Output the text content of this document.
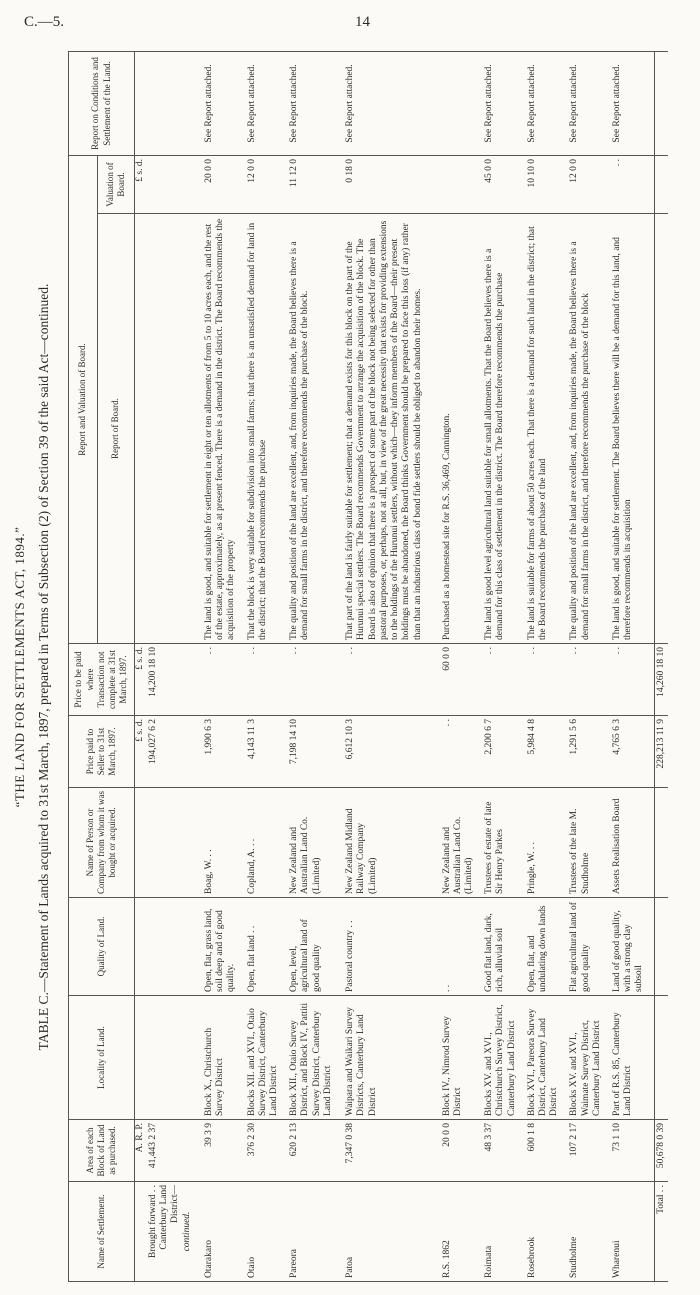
C.—5.	14
“THE LAND FOR SETTLEMENTS ACT, 1894.” TABLE C.—Statement of Lands acquired to 31st March, 1897, prepared in Terms of Subsection (2) of Section 39 of the said Act—continued.
Name of Settlement.	Area of each Block of Land as purchased.	Locality of Land.	Quality of Land.	Name of Person or Company from whom it was bought or acquired.	Price paid to Seller to 31st March, 1897.	Price to be paid where Transaction not complete at 31st March, 1897.	Report and Valuation of Board.		Report on Conditions and Settlement of the Land.
							Report of Board.	Valuation of Board.	
	A. R. P.				£ s. d.	£ s. d.		£ s. d.	

Brought forward . . Canterbury Land District—
continued.	41,443 2 37				194,027 6 2	14,200 18 10			
Otarakaro	39 3 9	Block X., Christchurch Survey District	Open, flat, grass land, soil deep and of good quality.	Boag, W. . .	1,990 6 3	. .	The land is good, and suitable for settlement in eight or ten allotments of from 5 to 10 acres each, and the rest of the estate, approximately, as at present fenced. There is a demand in the district. The Board recommends the acquisition of the property	20 0 0	See Report attached.
Otaio	376 2 30	Blocks XII. and XVI., Otaio Survey District, Canterbury Land District	Open, flat land . .	Copland, A. . .	4,143 11 3	. .	That the block is very suitable for subdivision into small farms; that there is an unsatisfied demand for land in the district; that the Board recommends the purchase	12 0 0	See Report attached.
Pareora	620 2 13	Block XII., Otaio Survey District, and Block IV., Pattiti Survey District, Canterbury Land District	Open, level, agricultural land of good quality	New Zealand and Australian Land Co. (Limited)	7,198 14 10	. .	The quality and position of the land are excellent, and, from inquiries made, the Board believes there is a demand for small farms in the district, and therefore recommends the purchase of the block.	11 12 0	See Report attached.
Patoa	7,347 0 38	Waipara and Waikari Survey Districts, Canterbury Land District	Pastoral country . .	New Zealand Midland Railway Company (Limited)	6,612 10 3	. .	That part of the land is fairly suitable for settlement; that a demand exists for this block on the part of the Hurunui special settlers. The Board recommends Government to arrange the acquisition of the block. The Board is also of opinion that there is a prospect of some part of the block not being selected for other than pastoral purposes, or, perhaps, not at all, but, in view of the great necessity that exists for providing extensions to the holdings of the Hurunui settlers, without which—they inform members of the Board—their present holdings must be abandoned, the Board thinks Government should be prepared to face this loss (if any) rather than that an industrious class of bond fide settlers should be obliged to abandon their homes.	0 18 0	See Report attached.
R.S. 1862	20 0 0	Block IV., Nimrod Survey District	. .	New Zealand and Australian Land Co. (Limited)	. .	60 0 0	Purchased as a homestead site for R.S. 36,469, Cannington.		
Roimata	48 3 37	Blocks XV. and XVI., Christchurch Survey District, Canterbury Land District	Good flat land, dark, rich, alluvial soil	Trustees of estate of late Sir Henry Parkes	2,200 6 7	. .	The land is good level agricultural land suitable for small allotments. That the Board believes there is a demand for this class of settlement in the district. The Board therefore recommends the purchase	45 0 0	See Report attached.
Rosebrook	600 1 8	Block XVI., Pareora Survey District, Canterbury Land District	Open, flat, and undulating down lands	Pringle, W. . .	5,984 4 8	. .	The land is suitable for farms of about 50 acres each. That there is a demand for such land in the district; that the Board recommends the purchase of the land	10 10 0	See Report attached.
Studholme	107 2 17	Blocks XV. and XVI., Waimate Survey District, Canterbury Land District	Flat agricultural land of good quality	Trustees of the late M. Studholme	1,291 5 6	. .	The quality and position of the land are excellent, and, from inquiries made, the Board believes there is a demand for small farms in the district, and therefore recommends the purchase of the block	12 0 0	See Report attached.
Wharenui	73 1 10	Part of R.S. 85, Canterbury Land District	Land of good quality, with a strong clay subsoil	Assets Realisation Board	4,765 6 3	. .	The land is good, and suitable for settlement. The Board believes there will be a demand for this land, and therefore recommends its acquisition	. .	See Report attached.
Total . .	50,678 0 39				228,213 11 9	14,260 18 10			
